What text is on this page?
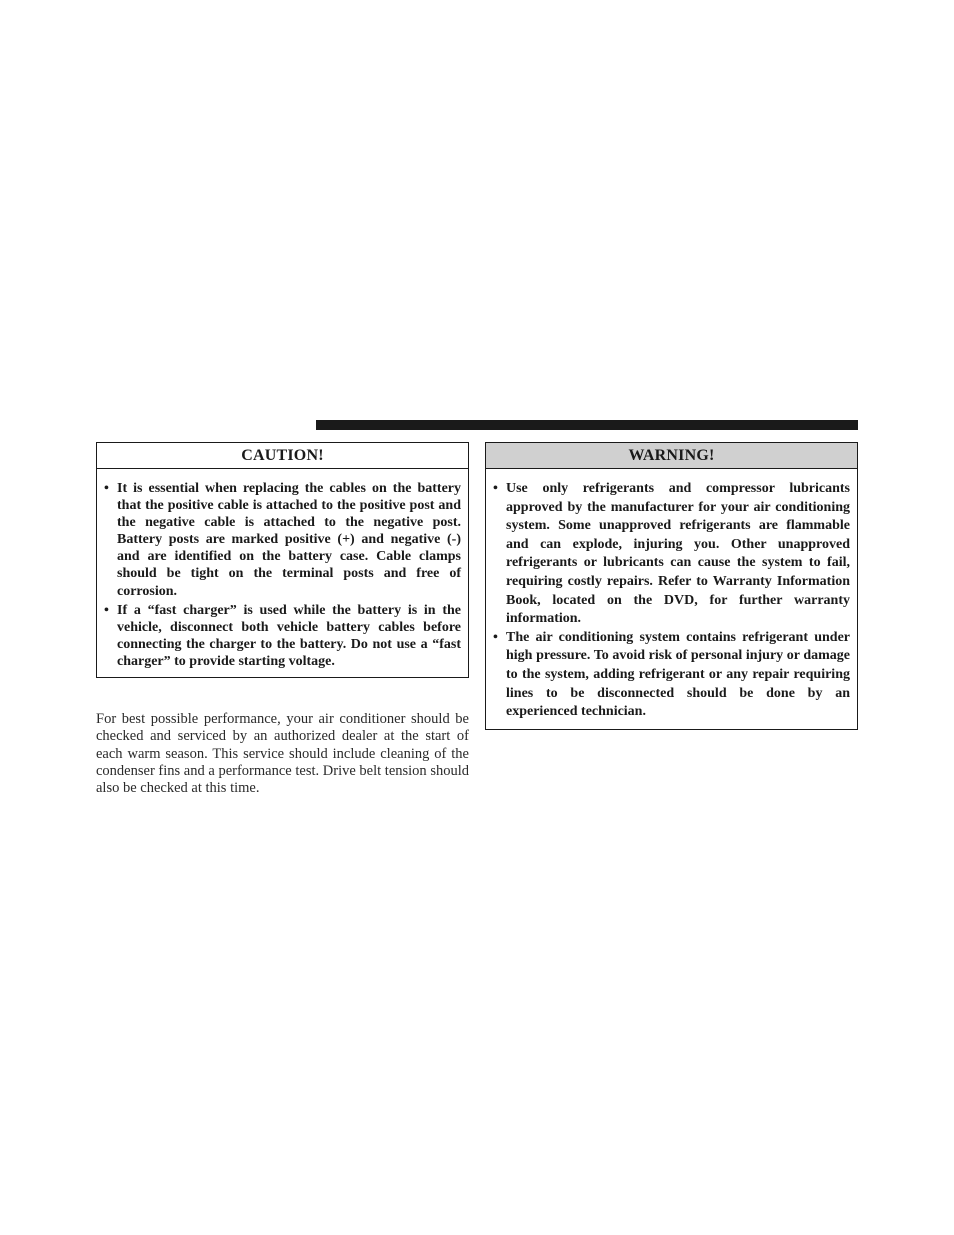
CAUTION!
• It is essential when replacing the cables on the battery that the positive cable is attached to the positive post and the negative cable is attached to the negative post. Battery posts are marked positive (+) and negative (-) and are identified on the battery case. Cable clamps should be tight on the terminal posts and free of corrosion.
• If a “fast charger” is used while the battery is in the vehicle, disconnect both vehicle battery cables before connecting the charger to the battery. Do not use a “fast charger” to provide starting voltage.

For best possible performance, your air conditioner should be checked and serviced by an authorized dealer at the start of each warm season. This service should include cleaning of the condenser fins and a performance test. Drive belt tension should also be checked at this time.

WARNING!
• Use only refrigerants and compressor lubricants approved by the manufacturer for your air conditioning system. Some unapproved refrigerants are flammable and can explode, injuring you. Other unapproved refrigerants or lubricants can cause the system to fail, requiring costly repairs. Refer to Warranty Information Book, located on the DVD, for further warranty information.
• The air conditioning system contains refrigerant under high pressure. To avoid risk of personal injury or damage to the system, adding refrigerant or any repair requiring lines to be disconnected should be done by an experienced technician.
